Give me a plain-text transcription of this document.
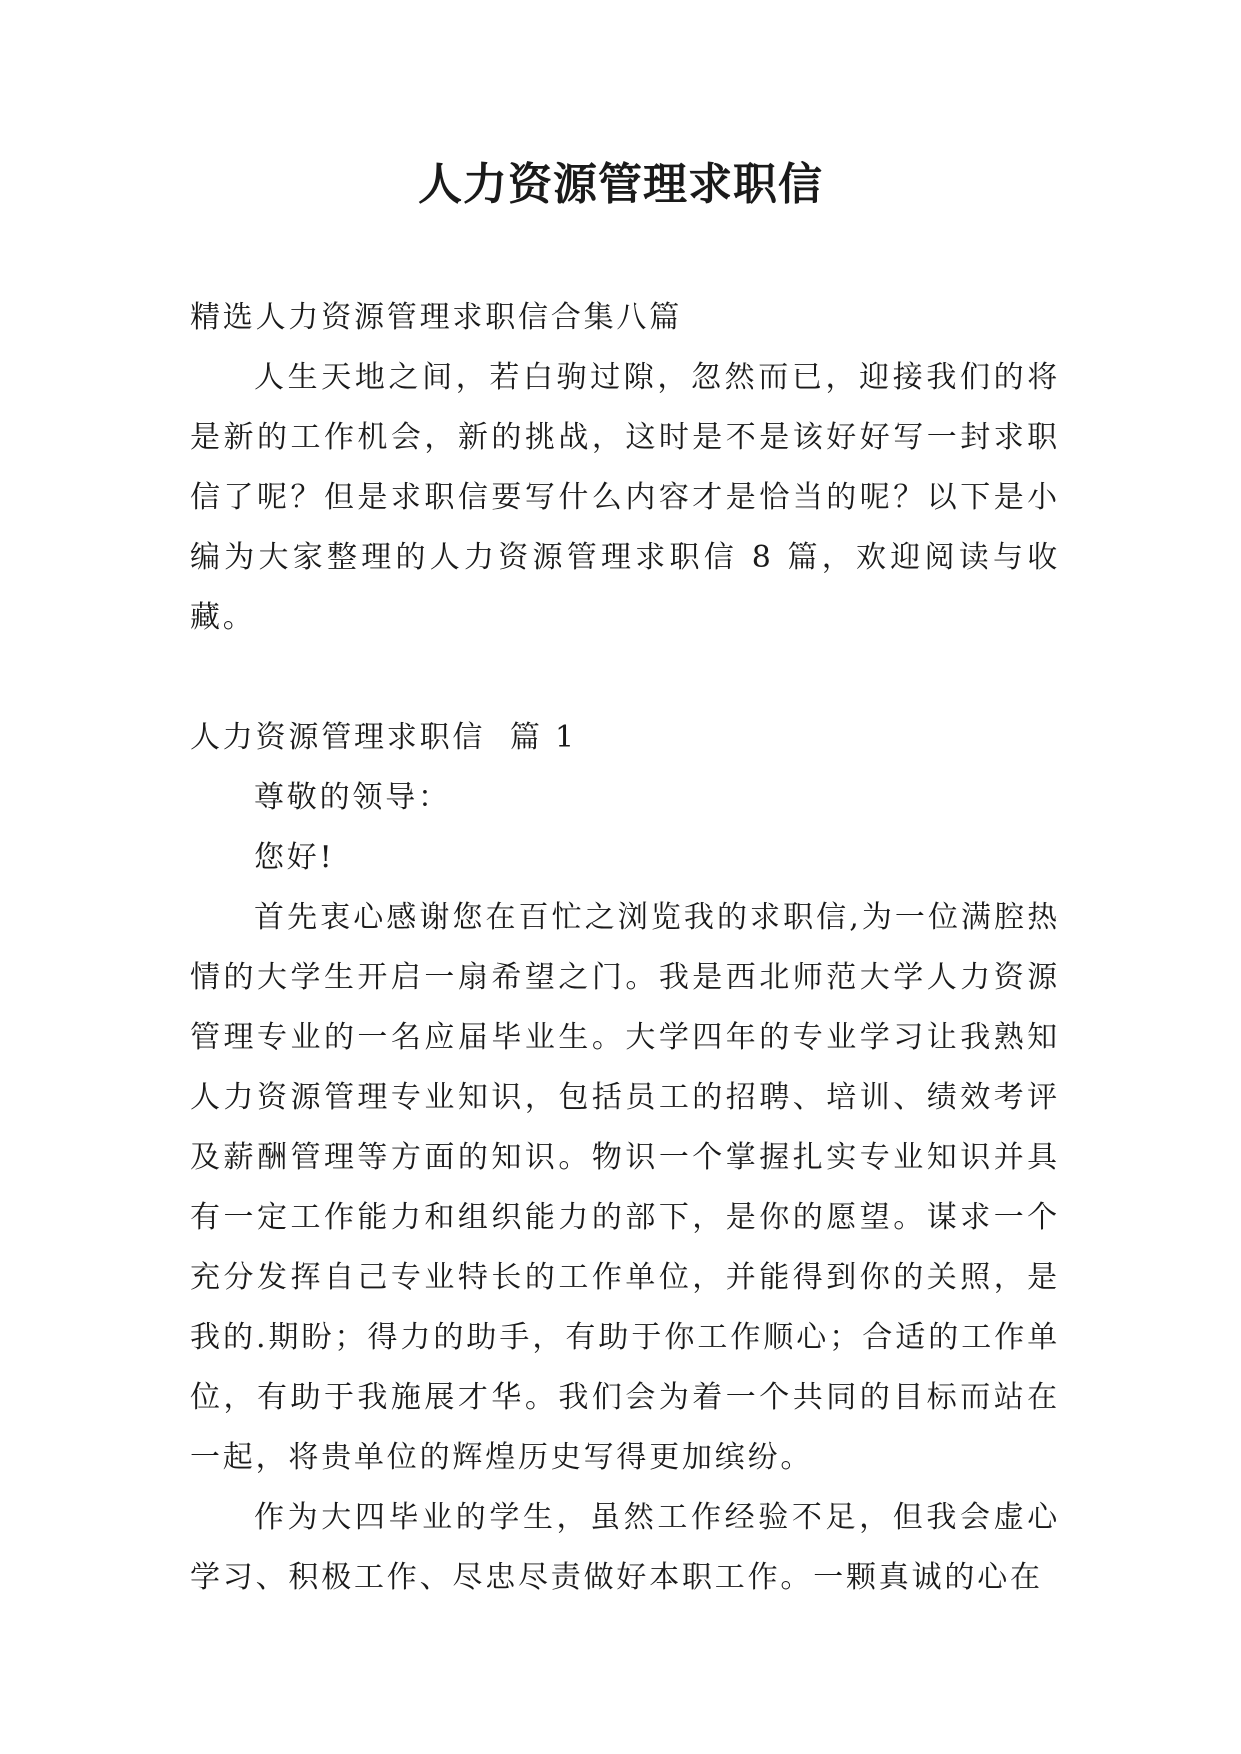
人力资源管理求职信

精选人力资源管理求职信合集八篇

人生天地之间，若白驹过隙，忽然而已，迎接我们的将是新的工作机会，新的挑战，这时是不是该好好写一封求职信了呢？但是求职信要写什么内容才是恰当的呢？以下是小编为大家整理的人力资源管理求职信 8 篇，欢迎阅读与收藏。

人力资源管理求职信  篇 1

尊敬的领导：

您好!

首先衷心感谢您在百忙之浏览我的求职信,为一位满腔热情的大学生开启一扇希望之门。我是西北师范大学人力资源管理专业的一名应届毕业生。大学四年的专业学习让我熟知人力资源管理专业知识，包括员工的招聘、培训、绩效考评及薪酬管理等方面的知识。物识一个掌握扎实专业知识并具有一定工作能力和组织能力的部下，是你的愿望。谋求一个充分发挥自己专业特长的工作单位，并能得到你的关照，是我的.期盼；得力的助手，有助于你工作顺心；合适的工作单位，有助于我施展才华。我们会为着一个共同的目标而站在一起，将贵单位的辉煌历史写得更加缤纷。

作为大四毕业的学生，虽然工作经验不足，但我会虚心学习、积极工作、尽忠尽责做好本职工作。一颗真诚的心在
